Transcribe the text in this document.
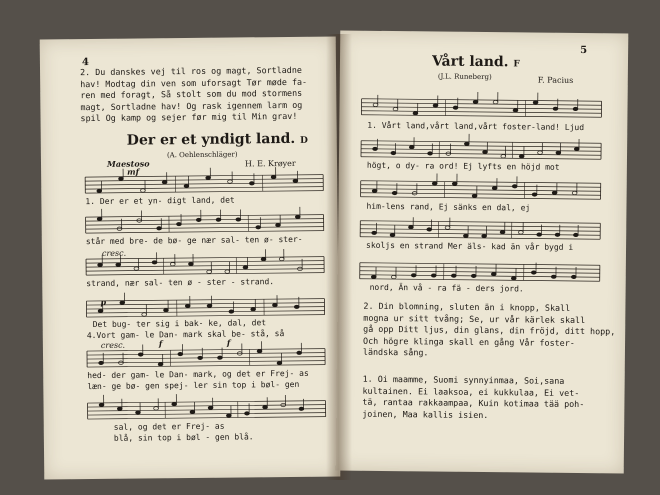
4
2. Du danskes vej til ros og magt, Sortladne
hav! Modtag din ven som uforsagt Tør møde fa-
ren med foragt, Så stolt som du mod stormens
magt, Sortladne hav! Og rask igennem larm og
spil Og kamp og sejer før mig til Min grav!
Der er et yndigt land. D
(A. Oehlenschläger)
Maestoso
mf
H. E. Krøyer
cresc.
p
cresc.	f	f
1. Der er et yn- digt land, det
står med bre- de bø- ge nær sal- ten ø- ster-
strand, nær sal- ten ø - ster - strand.
Det bug- ter sig i bak- ke, dal, det
4.Vort gam- le Dan- mark skal be- stå, så
hed- der gam- le Dan- mark, og det er Frej- as
læn- ge bø- gen spej- ler sin top i bøl- gen
sal, og det er Frej- as
blå, sin top i bøl - gen blå.
5
Vårt land. F
(J.L. Runeberg)	F. Pacius
1. Vårt land,vårt land,vårt foster-land! Ljud
högt, o dy- ra ord! Ej lyfts en höjd mot
him-lens rand, Ej sänks en dal, ej
skoljs en strand Mer äls- kad än vår bygd i
nord, Än vå - ra fä - ders jord.
2. Din blomning, sluten än i knopp, Skall
mogna ur sitt tvång; Se, ur vår kärlek skall
gå opp Ditt ljus, din glans, din fröjd, ditt hopp,
Och högre klinga skall en gång Vår foster-
ländska sång.
1. Oi maamme, Suomi synnyinmaa, Soi,sana
kultainen. Ei laaksoa, ei kukkulaa, Ei vet-
tä, rantaa rakkaampaa, Kuin kotimaa tää poh-
joinen, Maa kallis isien.
